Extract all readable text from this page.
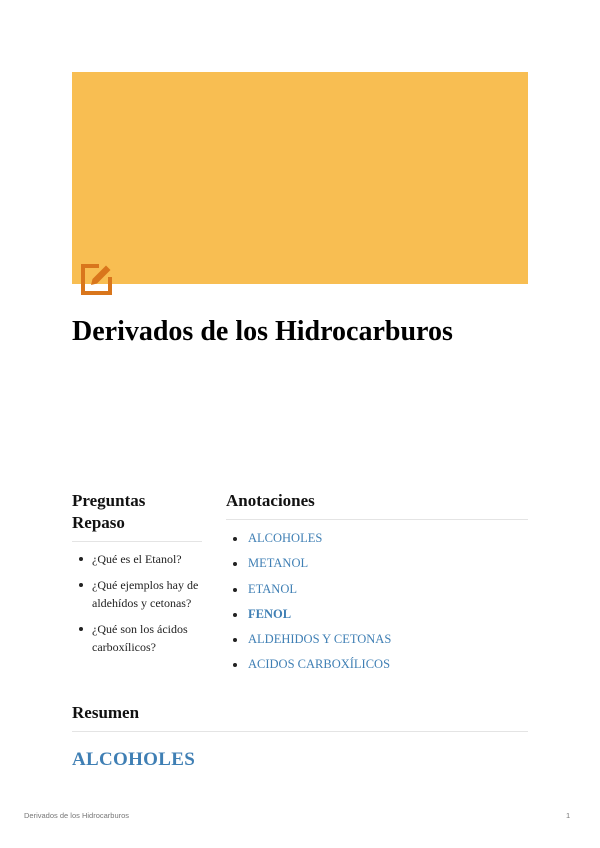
Derivados de los Hidrocarburos
Preguntas Repaso
¿Qué es el Etanol?
¿Qué ejemplos hay de aldehídos y cetonas?
¿Qué son los ácidos carboxílicos?
Anotaciones
ALCOHOLES
METANOL
ETANOL
FENOL
ALDEHIDOS Y CETONAS
ACIDOS CARBOXÍLICOS
Resumen
ALCOHOLES
Derivados de los Hidrocarburos	1
